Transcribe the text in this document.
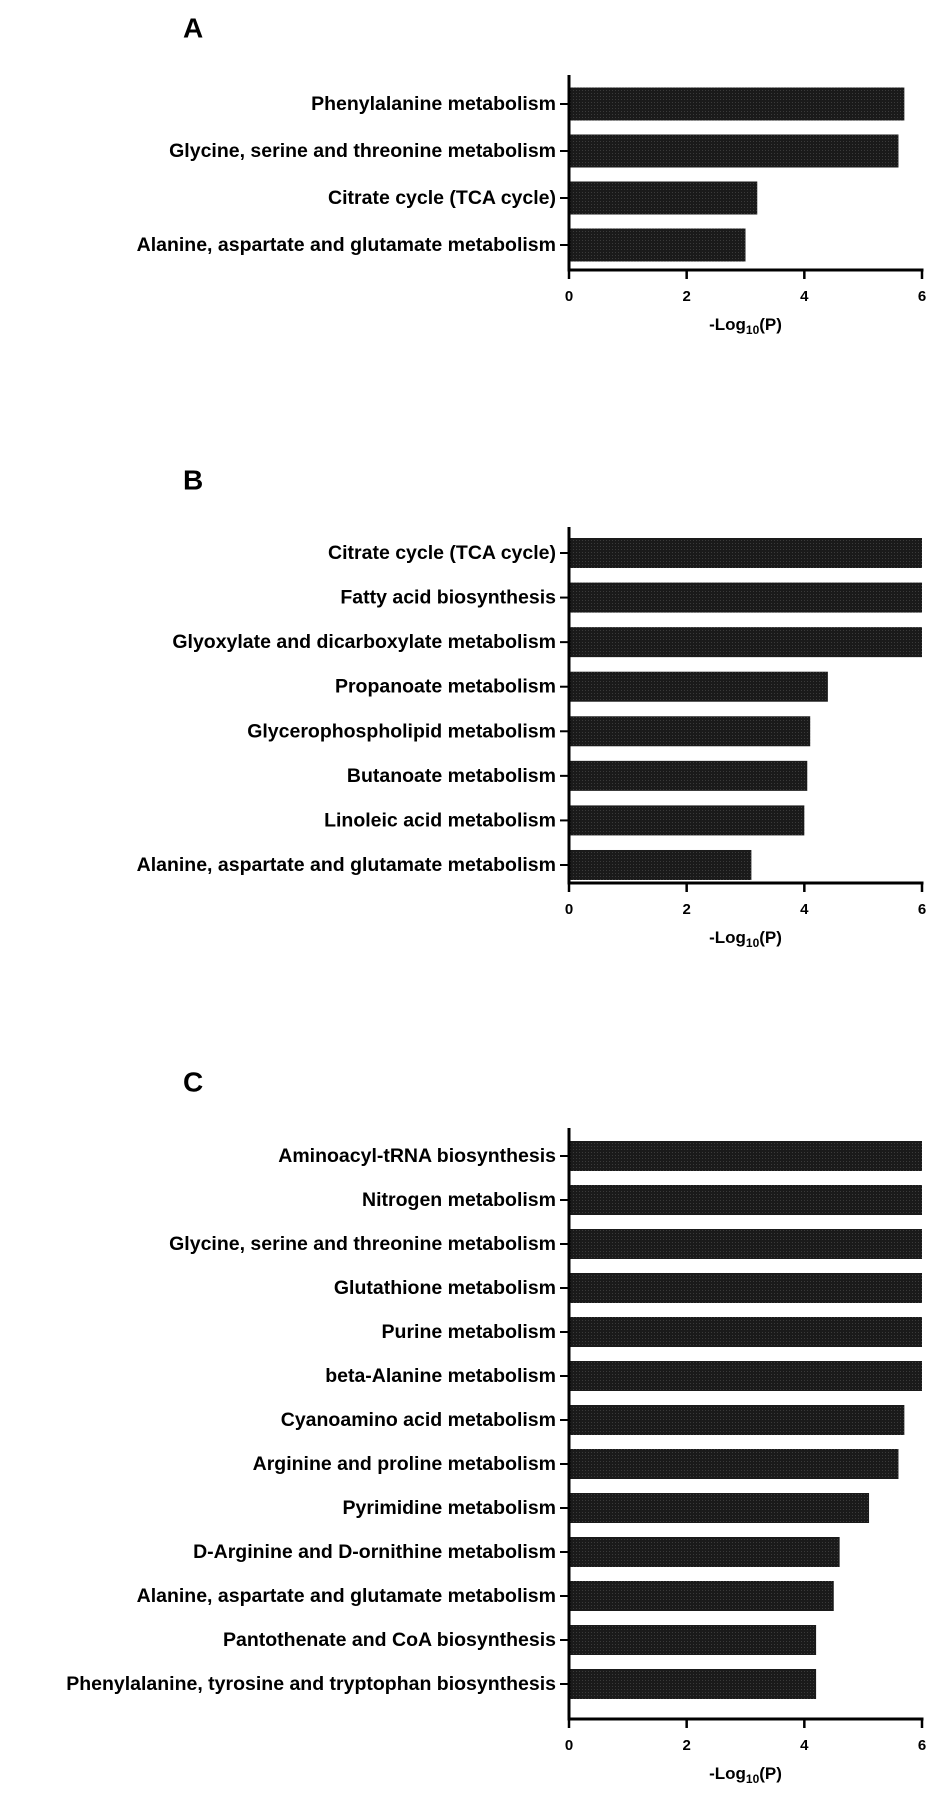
A
Phenylalanine metabolism
Glycine, serine and threonine metabolism
Citrate cycle (TCA cycle)
Alanine, aspartate and glutamate metabolism
0	2	4	6
-Log$_{10}$(P)
B
Citrate cycle (TCA cycle)
Fatty acid biosynthesis
Glyoxylate and dicarboxylate metabolism
Propanoate metabolism
Glycerophospholipid metabolism
Butanoate metabolism
Linoleic acid metabolism
Alanine, aspartate and glutamate metabolism
0	2	4	6
-Log$_{10}$(P)
C
Aminoacyl-tRNA biosynthesis
Nitrogen metabolism
Glycine, serine and threonine metabolism
Glutathione metabolism
Purine metabolism
beta-Alanine metabolism
Cyanoamino acid metabolism
Arginine and proline metabolism
Pyrimidine metabolism
D-Arginine and D-ornithine metabolism
Alanine, aspartate and glutamate metabolism
Pantothenate and CoA biosynthesis
Phenylalanine, tyrosine and tryptophan biosynthesis
0	2	4	6
-Log$_{10}$(P)
